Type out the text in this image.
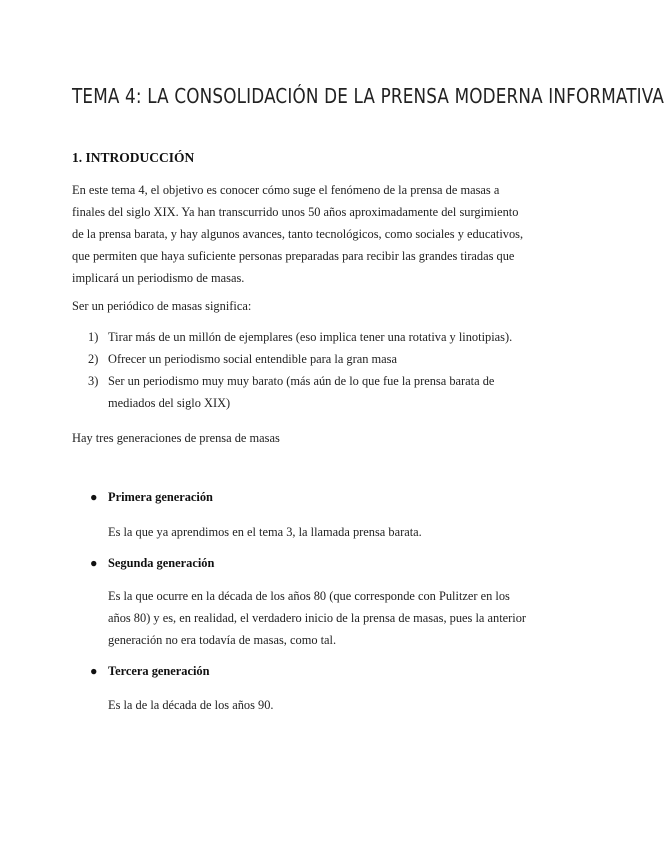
TEMA 4: LA CONSOLIDACIÓN DE LA PRENSA MODERNA INFORMATIVA
1. INTRODUCCIÓN
En este tema 4, el objetivo es conocer cómo suge el fenómeno de la prensa de masas a finales del siglo XIX. Ya han transcurrido unos 50 años aproximadamente del surgimiento de la prensa barata, y hay algunos avances, tanto tecnológicos, como sociales y educativos, que permiten que haya suficiente personas preparadas para recibir las grandes tiradas que implicará un periodismo de masas.
Ser un periódico de masas significa:
1) Tirar más de un millón de ejemplares (eso implica tener una rotativa y linotipias).
2) Ofrecer un periodismo social entendible para la gran masa
3) Ser un periodismo muy muy barato (más aún de lo que fue la prensa barata de mediados del siglo XIX)
Hay tres generaciones de prensa de masas
● Primera generación
Es la que ya aprendimos en el tema 3, la llamada prensa barata.
● Segunda generación
Es la que ocurre en la década de los años 80 (que corresponde con Pulitzer en los años 80) y es, en realidad, el verdadero inicio de la prensa de masas, pues la anterior generación no era todavía de masas, como tal.
● Tercera generación
Es la de la década de los años 90.
